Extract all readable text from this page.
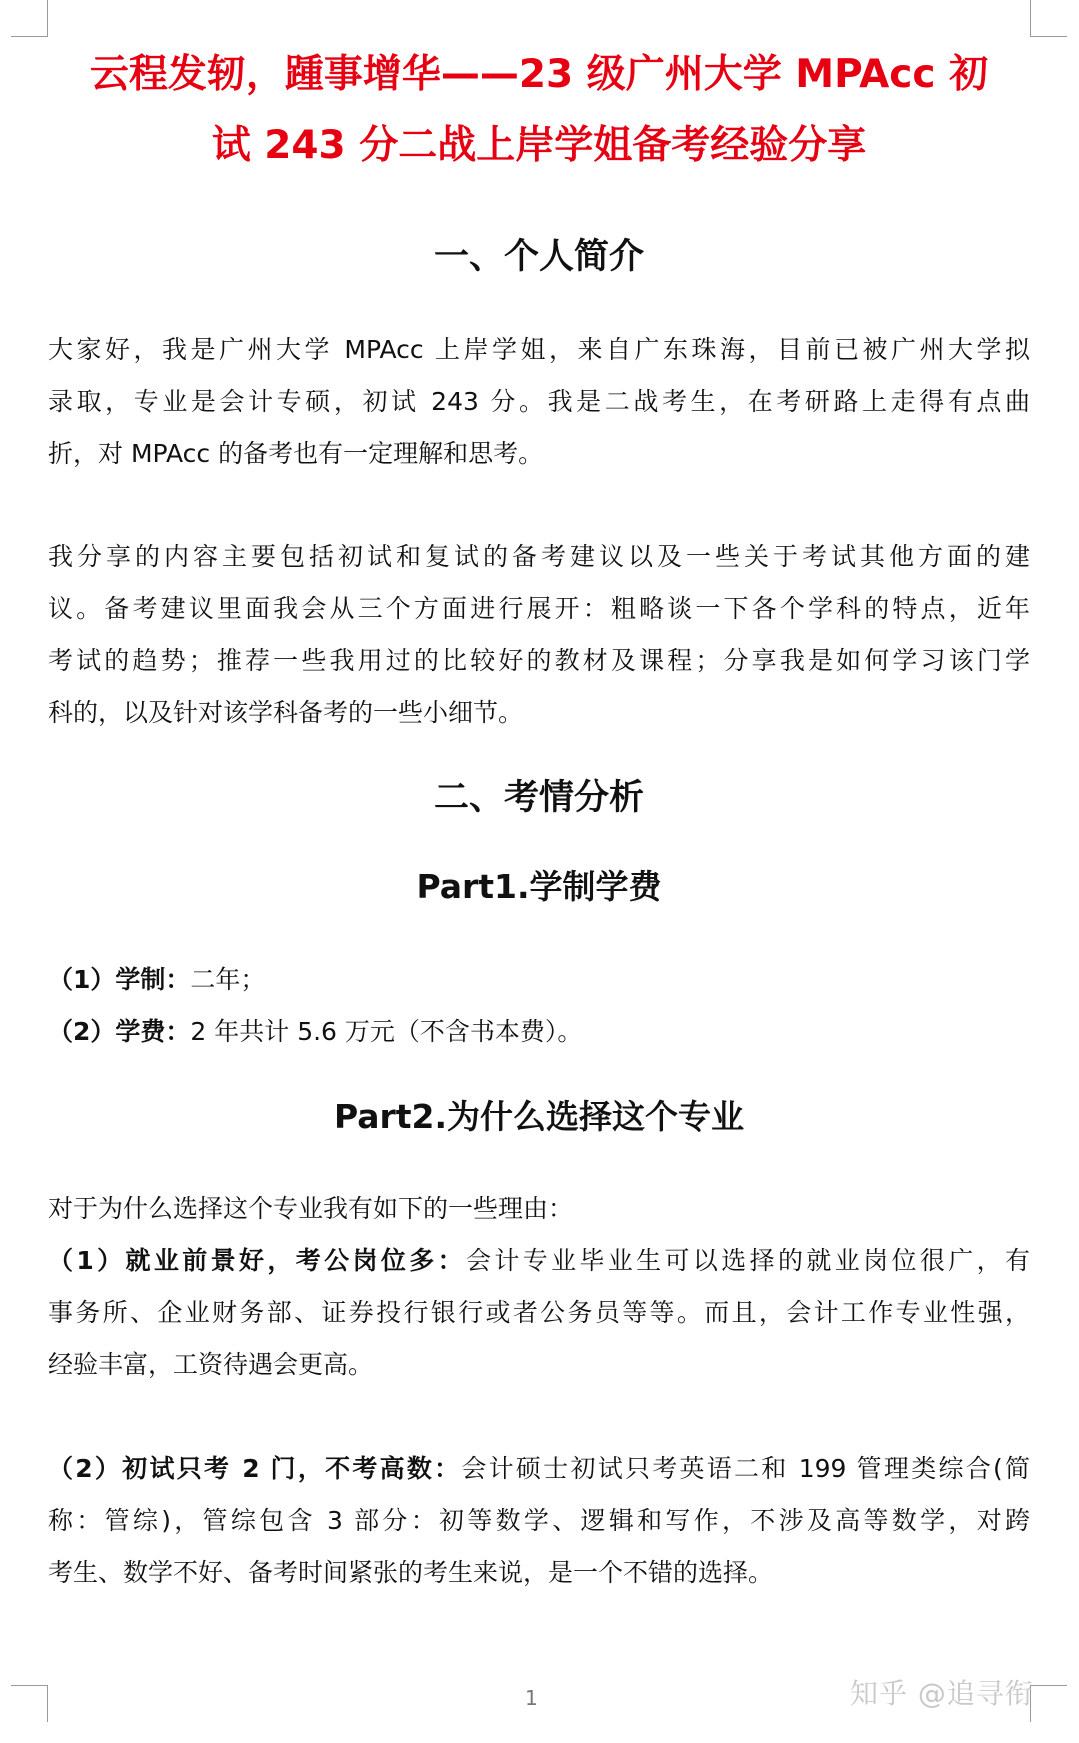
云程发轫，踵事增华——23 级广州大学 MPAcc 初
试 243 分二战上岸学姐备考经验分享
一、个人简介
大家好，我是广州大学 MPAcc 上岸学姐，来自广东珠海，目前已被广州大学拟
录取，专业是会计专硕，初试 243 分。我是二战考生，在考研路上走得有点曲
折，对 MPAcc 的备考也有一定理解和思考。
我分享的内容主要包括初试和复试的备考建议以及一些关于考试其他方面的建
议。备考建议里面我会从三个方面进行展开：粗略谈一下各个学科的特点，近年
考试的趋势；推荐一些我用过的比较好的教材及课程；分享我是如何学习该门学
科的，以及针对该学科备考的一些小细节。
二、考情分析
Part1.学制学费
（1）学制：二年；
（2）学费：2 年共计 5.6 万元（不含书本费）。
Part2.为什么选择这个专业
对于为什么选择这个专业我有如下的一些理由：
（1）就业前景好，考公岗位多：会计专业毕业生可以选择的就业岗位很广，有
事务所、企业财务部、证券投行银行或者公务员等等。而且，会计工作专业性强，
经验丰富，工资待遇会更高。
（2）初试只考 2 门，不考高数：会计硕士初试只考英语二和 199 管理类综合(简
称：管综)，管综包含 3 部分：初等数学、逻辑和写作，不涉及高等数学，对跨
考生、数学不好、备考时间紧张的考生来说，是一个不错的选择。
1	知乎 @追寻衔
